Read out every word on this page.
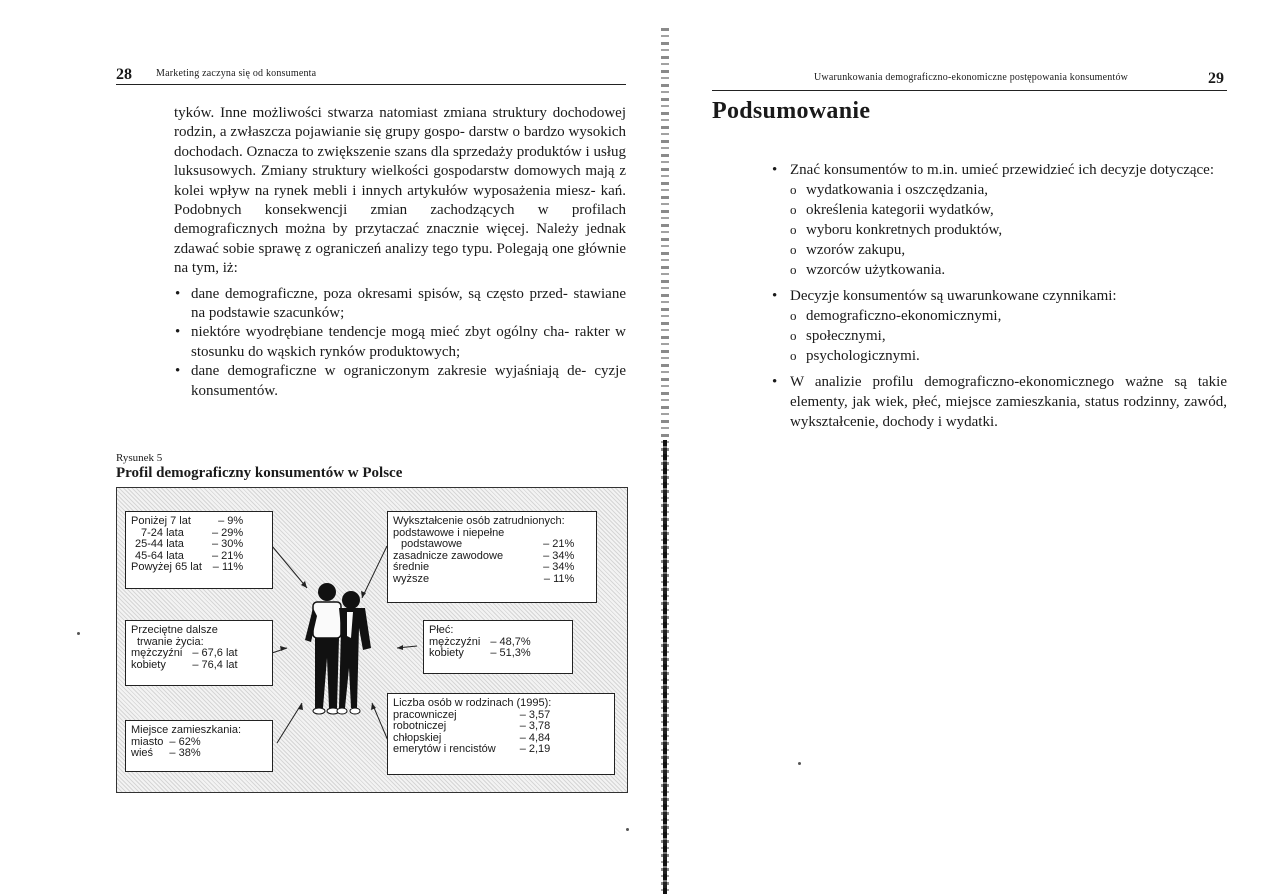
28 Marketing zaczyna się od konsumenta

tyków. Inne możliwości stwarza natomiast zmiana struktury dochodowej rodzin, a zwłaszcza pojawianie się grupy gospo- darstw o bardzo wysokich dochodach. Oznacza to zwiększenie szans dla sprzedaży produktów i usług luksusowych. Zmiany struktury wielkości gospodarstw domowych mają z kolei wpływ na rynek mebli i innych artykułów wyposażenia miesz- kań. Podobnych konsekwencji zmian zachodzących w profilach demograficznych można by przytaczać znacznie więcej. Należy jednak zdawać sobie sprawę z ograniczeń analizy tego typu. Polegają one głównie na tym, iż:

• dane demograficzne, poza okresami spisów, są często przed- stawiane na podstawie szacunków;
• niektóre wyodrębiane tendencje mogą mieć zbyt ogólny cha- rakter w stosunku do wąskich rynków produktowych;
• dane demograficzne w ograniczonym zakresie wyjaśniają de- cyzje konsumentów.
Rysunek 5
Profil demograficzny konsumentów w Polsce
Poniżej 7 lat	– 9%
7-24 lata	– 29%
25-44 lata	– 30%
45-64 lata	– 21%
Powyżej 65 lat	– 11%
Wykształcenie osób zatrudnionych:
podstawowe i niepełne
podstawowe	– 21%
zasadnicze zawodowe	– 34%
średnie	– 34%
wyższe	– 11%
Przeciętne dalsze
trwanie życia:
mężczyźni	– 67,6 lat
kobiety	– 76,4 lat
Płeć:
mężczyźni	– 48,7%
kobiety	– 51,3%
Miejsce zamieszkania:
miasto	– 62%
wieś	– 38%
Liczba osób w rodzinach (1995):
pracowniczej	– 3,57
robotniczej	– 3,78
chłopskiej	– 4,84
emerytów i rencistów	– 2,19
Uwarunkowania demograficzno-ekonomiczne postępowania konsumentów	29
Podsumowanie
• Znać konsumentów to m.in. umieć przewidzieć ich decyzje dotyczące:
o wydatkowania i oszczędzania,
o określenia kategorii wydatków,
o wyboru konkretnych produktów,
o wzorów zakupu,
o wzorców użytkowania.
• Decyzje konsumentów są uwarunkowane czynnikami:
o demograficzno-ekonomicznymi,
o społecznymi,
o psychologicznymi.
• W analizie profilu demograficzno-ekonomicznego ważne są takie elementy, jak wiek, płeć, miejsce zamieszkania, status rodzinny, zawód, wykształcenie, dochody i wydatki.
